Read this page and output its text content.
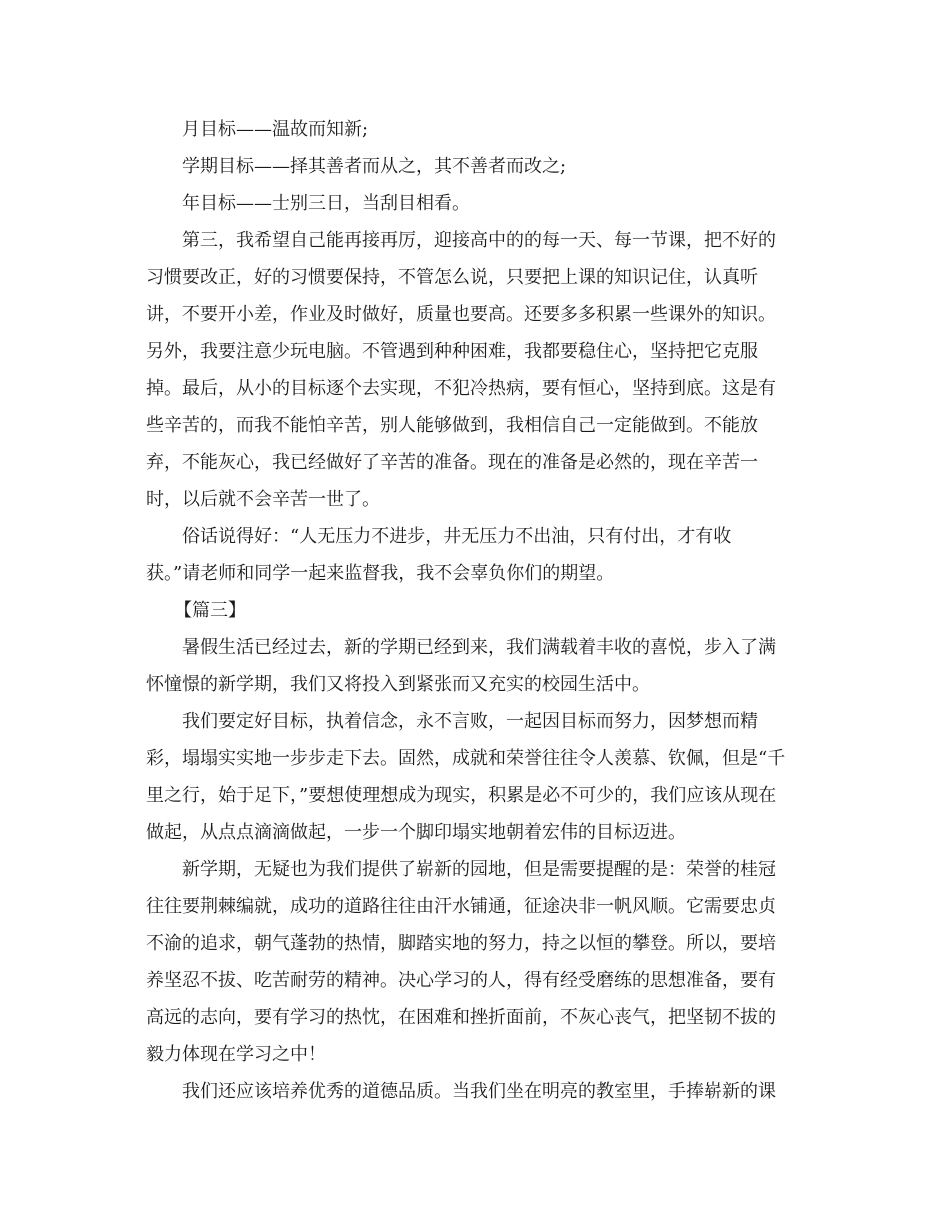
月目标——温故而知新;
学期目标——择其善者而从之，其不善者而改之;
年目标——士别三日，当刮目相看。
第三，我希望自己能再接再厉，迎接高中的的每一天、每一节课，把不好的
习惯要改正，好的习惯要保持，不管怎么说，只要把上课的知识记住，认真听
讲，不要开小差，作业及时做好，质量也要高。还要多多积累一些课外的知识。
另外，我要注意少玩电脑。不管遇到种种困难，我都要稳住心，坚持把它克服
掉。最后，从小的目标逐个去实现，不犯冷热病，要有恒心，坚持到底。这是有
些辛苦的，而我不能怕辛苦，别人能够做到，我相信自己一定能做到。不能放
弃，不能灰心，我已经做好了辛苦的准备。现在的准备是必然的，现在辛苦一
时，以后就不会辛苦一世了。
俗话说得好：“人无压力不进步，井无压力不出油，只有付出，才有收
获。”请老师和同学一起来监督我，我不会辜负你们的期望。
【篇三】
暑假生活已经过去，新的学期已经到来，我们满载着丰收的喜悦，步入了满
怀憧憬的新学期，我们又将投入到紧张而又充实的校园生活中。
我们要定好目标，执着信念，永不言败，一起因目标而努力，因梦想而精
彩，塌塌实实地一步步走下去。固然，成就和荣誉往往令人羡慕、钦佩，但是“千
里之行，始于足下，”要想使理想成为现实，积累是必不可少的，我们应该从现在
做起，从点点滴滴做起，一步一个脚印塌实地朝着宏伟的目标迈进。
新学期，无疑也为我们提供了崭新的园地，但是需要提醒的是：荣誉的桂冠
往往要荆棘编就，成功的道路往往由汗水铺通，征途决非一帆风顺。它需要忠贞
不渝的追求，朝气蓬勃的热情，脚踏实地的努力，持之以恒的攀登。所以，要培
养坚忍不拔、吃苦耐劳的精神。决心学习的人，得有经受磨练的思想准备，要有
高远的志向，要有学习的热忱，在困难和挫折面前，不灰心丧气，把坚韧不拔的
毅力体现在学习之中！
我们还应该培养优秀的道德品质。当我们坐在明亮的教室里，手捧崭新的课
